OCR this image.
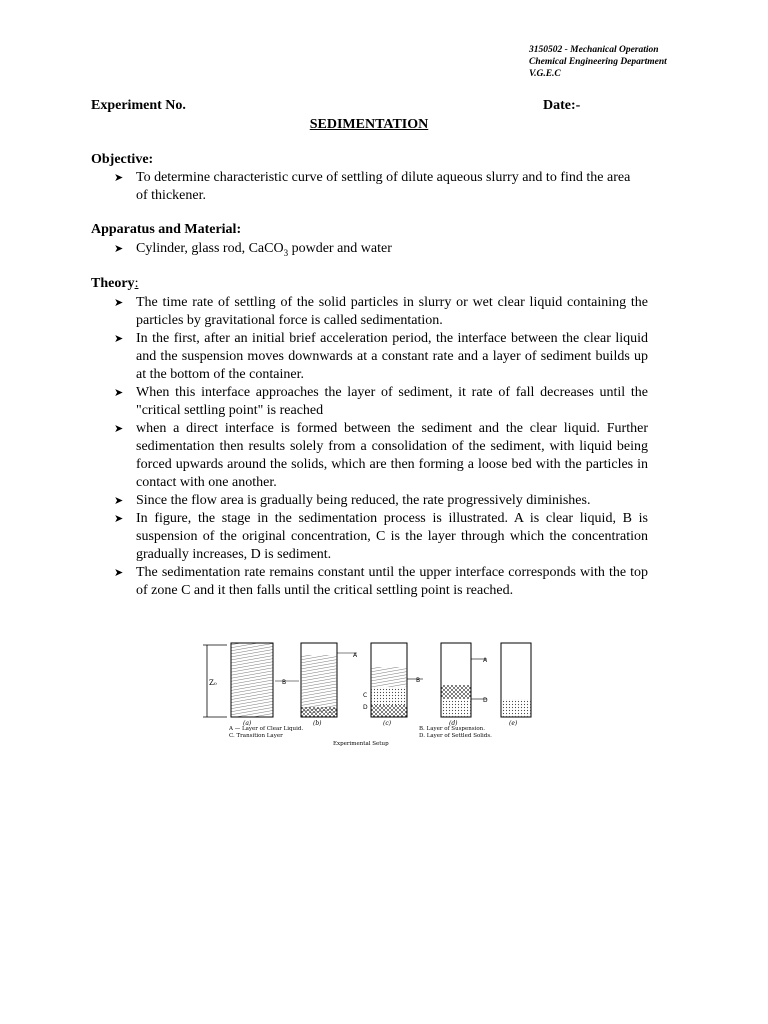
3150502 - Mechanical Operation
Chemical Engineering Department
V.G.E.C
Experiment No.	Date:-
SEDIMENTATION
Objective:

➤ To determine characteristic curve of settling of dilute aqueous slurry and to find the area of thickener.

Apparatus and Material:

➤ Cylinder, glass rod, CaCO$_3$ powder and water

Theory:

➤ The time rate of settling of the solid particles in slurry or wet clear liquid containing the particles by gravitational force is called sedimentation.

➤ In the first, after an initial brief acceleration period, the interface between the clear liquid and the suspension moves downwards at a constant rate and a layer of sediment builds up at the bottom of the container.

➤ When this interface approaches the layer of sediment, it rate of fall decreases until the "critical settling point" is reached

➤ when a direct interface is formed between the sediment and the clear liquid. Further sedimentation then results solely from a consolidation of the sediment, with liquid being forced upwards around the solids, which are then forming a loose bed with the particles in contact with one another.

➤ Since the flow area is gradually being reduced, the rate progressively diminishes.

➤ In figure, the stage in the sedimentation process is illustrated. A is clear liquid, B is suspension of the original concentration, C is the layer through which the concentration gradually increases, D is sediment.

➤ The sedimentation rate remains constant until the upper interface corresponds with the top of zone C and it then falls until the critical settling point is reached.

Z₀	B
A
C
D
B
A
D
(a)	(b)	(c)	(d)	(e)
A — Layer of Clear Liquid.	B. Layer of Suspension.
C. Transition Layer	D. Layer of Settled Solids.
Experimental Setup
